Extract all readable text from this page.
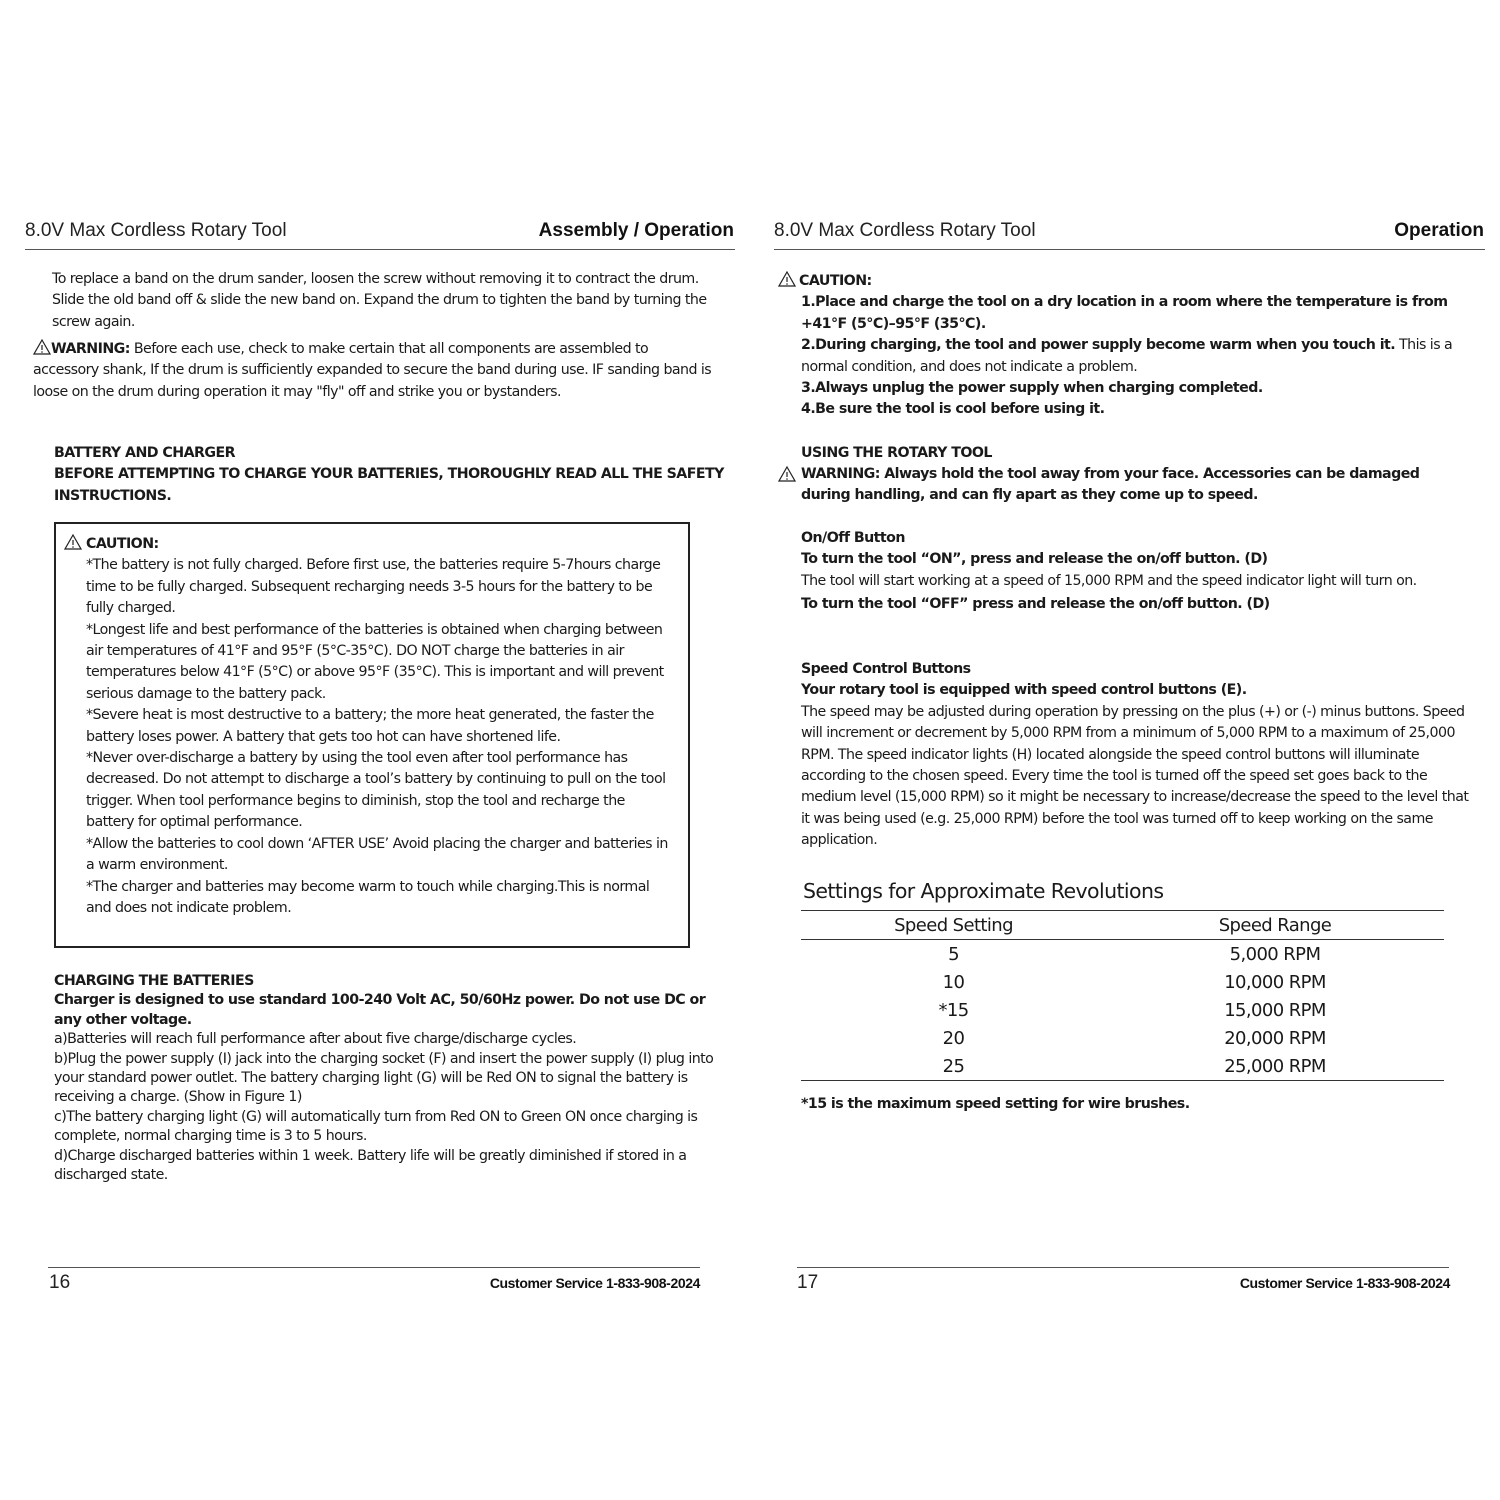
8.0V Max Cordless Rotary Tool	Assembly / Operation
To replace a band on the drum sander, loosen the screw without removing it to contract the drum. Slide the old band off & slide the new band on. Expand the drum to tighten the band by turning the screw again.
WARNING: Before each use, check to make certain that all components are assembled to accessory shank, If the drum is sufficiently expanded to secure the band during use. IF sanding band is loose on the drum during operation it may "fly" off and strike you or bystanders.

BATTERY AND CHARGER

BEFORE ATTEMPTING TO CHARGE YOUR BATTERIES, THOROUGHLY READ ALL THE SAFETY INSTRUCTIONS.

CAUTION:

*The battery is not fully charged. Before first use, the batteries require 5-7hours charge time to be fully charged. Subsequent recharging needs 3-5 hours for the battery to be fully charged.

*Longest life and best performance of the batteries is obtained when charging between air temperatures of 41°F and 95°F (5°C-35°C). DO NOT charge the batteries in air temperatures below 41°F (5°C) or above 95°F (35°C). This is important and will prevent serious damage to the battery pack.

*Severe heat is most destructive to a battery; the more heat generated, the faster the battery loses power. A battery that gets too hot can have shortened life.

*Never over-discharge a battery by using the tool even after tool performance has decreased. Do not attempt to discharge a tool’s battery by continuing to pull on the tool trigger. When tool performance begins to diminish, stop the tool and recharge the battery for optimal performance.

*Allow the batteries to cool down ‘AFTER USE’ Avoid placing the charger and batteries in a warm environment.

*The charger and batteries may become warm to touch while charging.This is normal and does not indicate problem.

CHARGING THE BATTERIES

Charger is designed to use standard 100-240 Volt AC, 50/60Hz power. Do not use DC or any other voltage.

a)Batteries will reach full performance after about five charge/discharge cycles.

b)Plug the power supply (I) jack into the charging socket (F) and insert the power supply (I) plug into your standard power outlet. The battery charging light (G) will be Red ON to signal the battery is receiving a charge. (Show in Figure 1)

c)The battery charging light (G) will automatically turn from Red ON to Green ON once charging is complete, normal charging time is 3 to 5 hours.

d)Charge discharged batteries within 1 week. Battery life will be greatly diminished if stored in a discharged state.

16	Customer Service 1-833-908-2024
8.0V Max Cordless Rotary Tool	Operation
CAUTION:

1.Place and charge the tool on a dry location in a room where the temperature is from +41°F (5°C)–95°F (35°C).

2.During charging, the tool and power supply become warm when you touch it. This is a normal condition, and does not indicate a problem.

3.Always unplug the power supply when charging completed.

4.Be sure the tool is cool before using it.

USING THE ROTARY TOOL
WARNING: Always hold the tool away from your face. Accessories can be damaged during handling, and can fly apart as they come up to speed.

On/Off Button

To turn the tool “ON”, press and release the on/off button. (D)

The tool will start working at a speed of 15,000 RPM and the speed indicator light will turn on.

To turn the tool “OFF” press and release the on/off button. (D)

Speed Control Buttons

Your rotary tool is equipped with speed control buttons (E).

The speed may be adjusted during operation by pressing on the plus (+) or (-) minus buttons. Speed will increment or decrement by 5,000 RPM from a minimum of 5,000 RPM to a maximum of 25,000 RPM. The speed indicator lights (H) located alongside the speed control buttons will illuminate according to the chosen speed. Every time the tool is turned off the speed set goes back to the medium level (15,000 RPM) so it might be necessary to increase/decrease the speed to the level that it was being used (e.g. 25,000 RPM) before the tool was turned off to keep working on the same application.

17	Customer Service 1-833-908-2024
Settings for Approximate Revolutions
Speed Setting	Speed Range
5	5,000 RPM
10	10,000 RPM
*15	15,000 RPM
20	20,000 RPM
25	25,000 RPM
*15 is the maximum speed setting for wire brushes.
